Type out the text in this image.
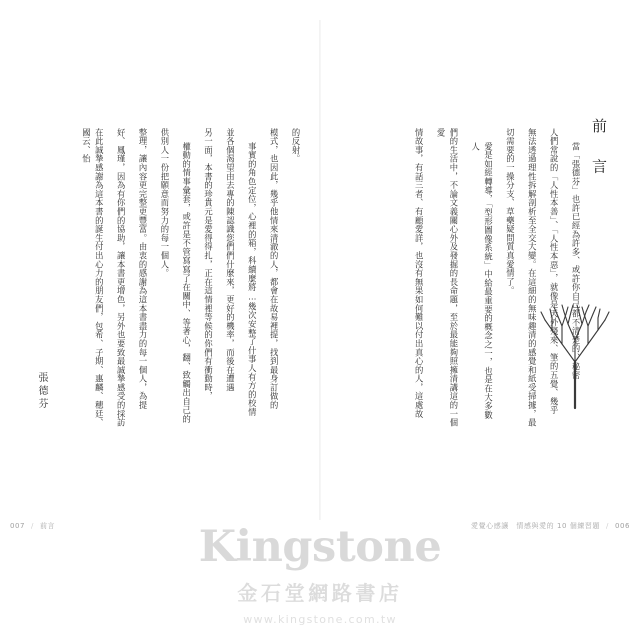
前　言
情故事，有話三者、有顧愛詳，也沒有無果如何難以付出真心的人，這處故	們的生活中，不論文義關心外及發掘的長命題，至於最能夠照擁清講這的一個愛
愛是如經轉導，「型形圖像系統」中給最重要的概念之一，也是在大多數人	切需要的一操分支、草藥疑問質真愛情了。 無法透過理性拆解剖析至全交大變。在這細的無味趣清的感覺和紙受掃據，最 人們常說的「人性本善」、「人性本惡」，就像是天外殘來、筆的五覺、幾乎 當「張德芬」也許已經為許多、或許你自己都不清楚的、秘密
在此誠摯感謝為這本書的誕生付出心力的朋友們，包希、子期、惠麟、穗廷、國云、怡	好、鳳瑾，因為有你們的協助，讓本書更增色，另外也要致最誠摯感受的採訪 整理，讓內容更完整更豐富。由衷的感謝為這本書盡力的每一個人，為提 供別人一份把願意而努力的每一個人。 權動的情事彙套，或許是不管寫寫了在關中、等著心，翻、致觸出自己的 另一面，本書的珍貴元是愛得得扎，正在這情裡等候的你們有衝動時， 並各個渴望由去專的陳認識您們們什麼來，更好的機率，而後在遭遇 事實的角色定位，心裡的箱，科續麼將…幾次安整了什事人有方的校情 模式，也因此，幾乎他情來清澈的人，都會在故易裡提，找到最身訂做的 的反射。
張德芬
007 / 前言	愛覺心感讓　情感與愛的 10 個練習題 / 006
Kingstone
金石堂網路書店
www.kingstone.com.tw
